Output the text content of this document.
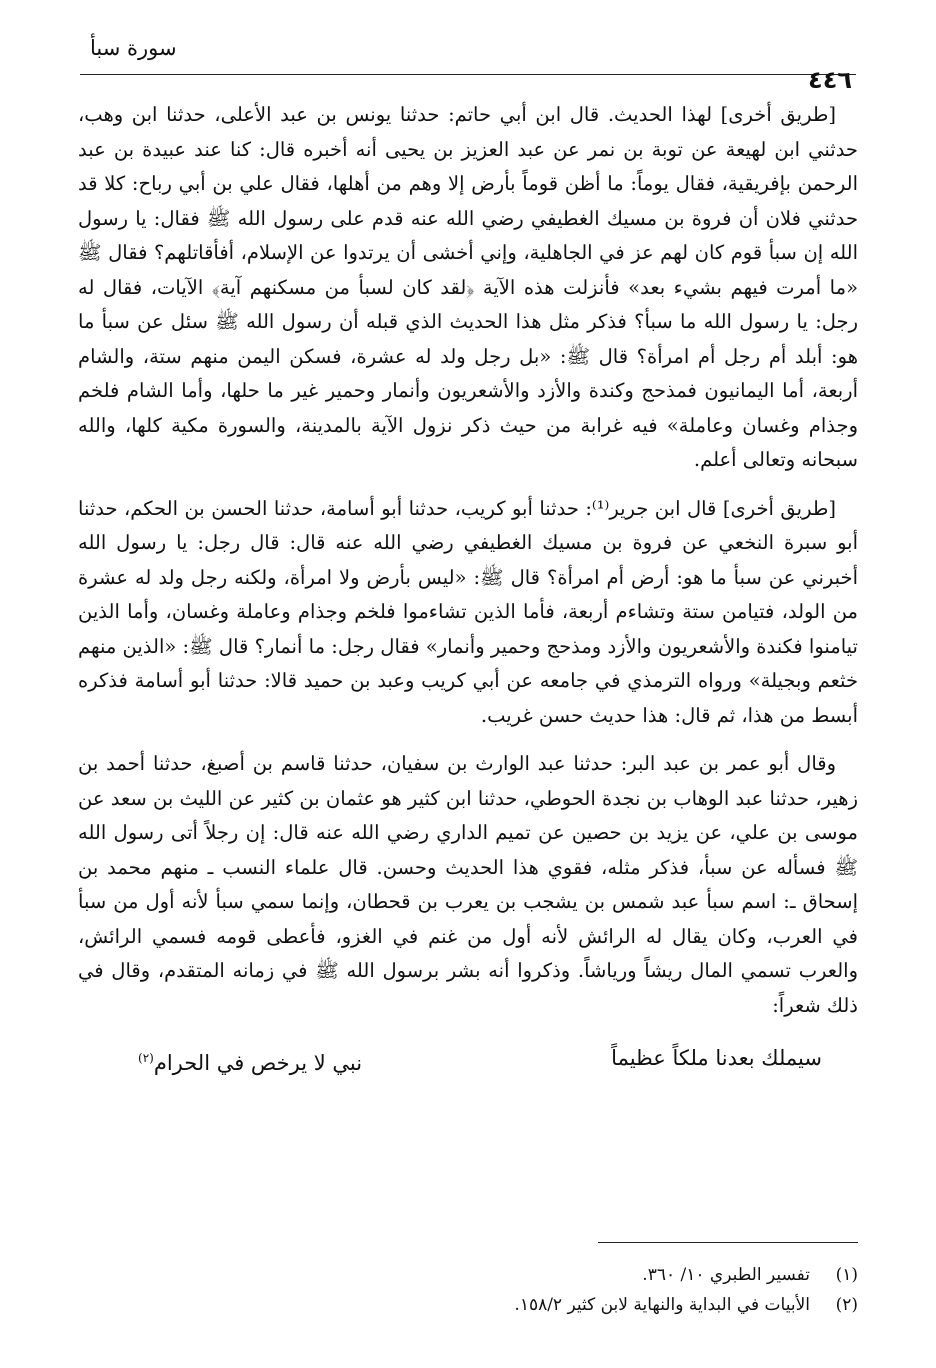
سورة سبأ
٤٤٦

[طريق أخرى] لهذا الحديث. قال ابن أبي حاتم: حدثنا يونس بن عبد الأعلى، حدثنا ابن وهب، حدثني ابن لهيعة عن توبة بن نمر عن عبد العزيز بن يحيى أنه أخبره قال: كنا عند عبيدة بن عبد الرحمن بإفريقية، فقال يوماً: ما أظن قوماً بأرض إلا وهم من أهلها، فقال علي بن أبي رباح: كلا قد حدثني فلان أن فروة بن مسيك الغطيفي رضي الله عنه قدم على رسول الله ﷺ فقال: يا رسول الله إن سبأ قوم كان لهم عز في الجاهلية، وإني أخشى أن يرتدوا عن الإسلام، أفأقاتلهم؟ فقال ﷺ «ما أمرت فيهم بشيء بعد» فأنزلت هذه الآية ﴿لقد كان لسبأ من مسكنهم آية﴾ الآيات، فقال له رجل: يا رسول الله ما سبأ؟ فذكر مثل هذا الحديث الذي قبله أن رسول الله ﷺ سئل عن سبأ ما هو: أبلد أم رجل أم امرأة؟ قال ﷺ: «بل رجل ولد له عشرة، فسكن اليمن منهم ستة، والشام أربعة، أما اليمانيون فمذحج وكندة والأزد والأشعريون وأنمار وحمير غير ما حلها، وأما الشام فلخم وجذام وغسان وعاملة» فيه غرابة من حيث ذكر نزول الآية بالمدينة، والسورة مكية كلها، والله سبحانه وتعالى أعلم.

[طريق أخرى] قال ابن جرير⁽¹⁾: حدثنا أبو كريب، حدثنا أبو أسامة، حدثنا الحسن بن الحكم، حدثنا أبو سبرة النخعي عن فروة بن مسيك الغطيفي رضي الله عنه قال: قال رجل: يا رسول الله أخبرني عن سبأ ما هو: أرض أم امرأة؟ قال ﷺ: «ليس بأرض ولا امرأة، ولكنه رجل ولد له عشرة من الولد، فتيامن ستة وتشاءم أربعة، فأما الذين تشاءموا فلخم وجذام وعاملة وغسان، وأما الذين تيامنوا فكندة والأشعريون والأزد ومذحج وحمير وأنمار» فقال رجل: ما أنمار؟ قال ﷺ: «الذين منهم خثعم وبجيلة» ورواه الترمذي في جامعه عن أبي كريب وعبد بن حميد قالا: حدثنا أبو أسامة فذكره أبسط من هذا، ثم قال: هذا حديث حسن غريب.

وقال أبو عمر بن عبد البر: حدثنا عبد الوارث بن سفيان، حدثنا قاسم بن أصبغ، حدثنا أحمد بن زهير، حدثنا عبد الوهاب بن نجدة الحوطي، حدثنا ابن كثير هو عثمان بن كثير عن الليث بن سعد عن موسى بن علي، عن يزيد بن حصين عن تميم الداري رضي الله عنه قال: إن رجلاً أتى رسول الله ﷺ فسأله عن سبأ، فذكر مثله، فقوي هذا الحديث وحسن. قال علماء النسب ـ منهم محمد بن إسحاق ـ: اسم سبأ عبد شمس بن يشجب بن يعرب بن قحطان، وإنما سمي سبأ لأنه أول من سبأ في العرب، وكان يقال له الرائش لأنه أول من غنم في الغزو، فأعطى قومه فسمي الرائش، والعرب تسمي المال ريشاً ورياشاً. وذكروا أنه بشر برسول الله ﷺ في زمانه المتقدم، وقال في ذلك شعراً:

سيملك بعدنا ملكاً عظيماً
نبي لا يرخص في الحرام$^{(٢)}$
(١)
تفسير الطبري ١٠/ ٣٦٠.
(٢)
الأبيات في البداية والنهاية لابن كثير ١٥٨/٢.
